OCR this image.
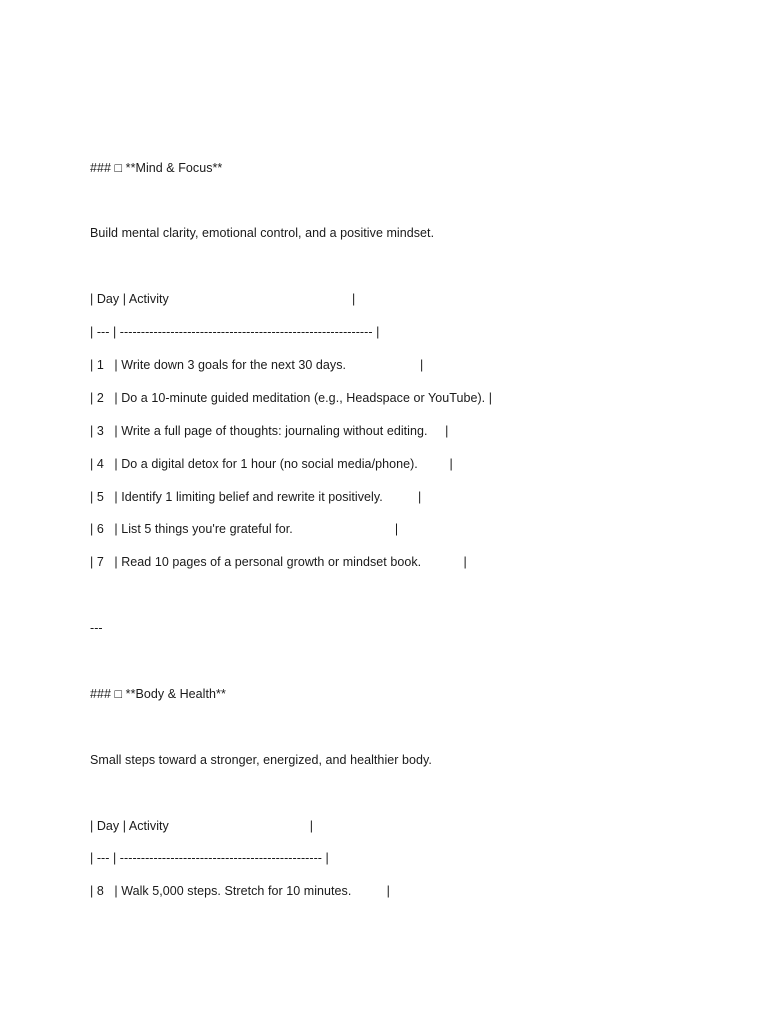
### □ **Mind & Focus**
Build mental clarity, emotional control, and a positive mindset.
| Day | Activity                                                    |
| --- | ------------------------------------------------------------ |
| 1   | Write down 3 goals for the next 30 days.                     |
| 2   | Do a 10-minute guided meditation (e.g., Headspace or YouTube). |
| 3   | Write a full page of thoughts: journaling without editing.     |
| 4   | Do a digital detox for 1 hour (no social media/phone).         |
| 5   | Identify 1 limiting belief and rewrite it positively.          |
| 6   | List 5 things you're grateful for.                             |
| 7   | Read 10 pages of a personal growth or mindset book.            |
---
### □ **Body & Health**
Small steps toward a stronger, energized, and healthier body.
| Day | Activity                                        |
| --- | ------------------------------------------------ |
| 8   | Walk 5,000 steps. Stretch for 10 minutes.          |
